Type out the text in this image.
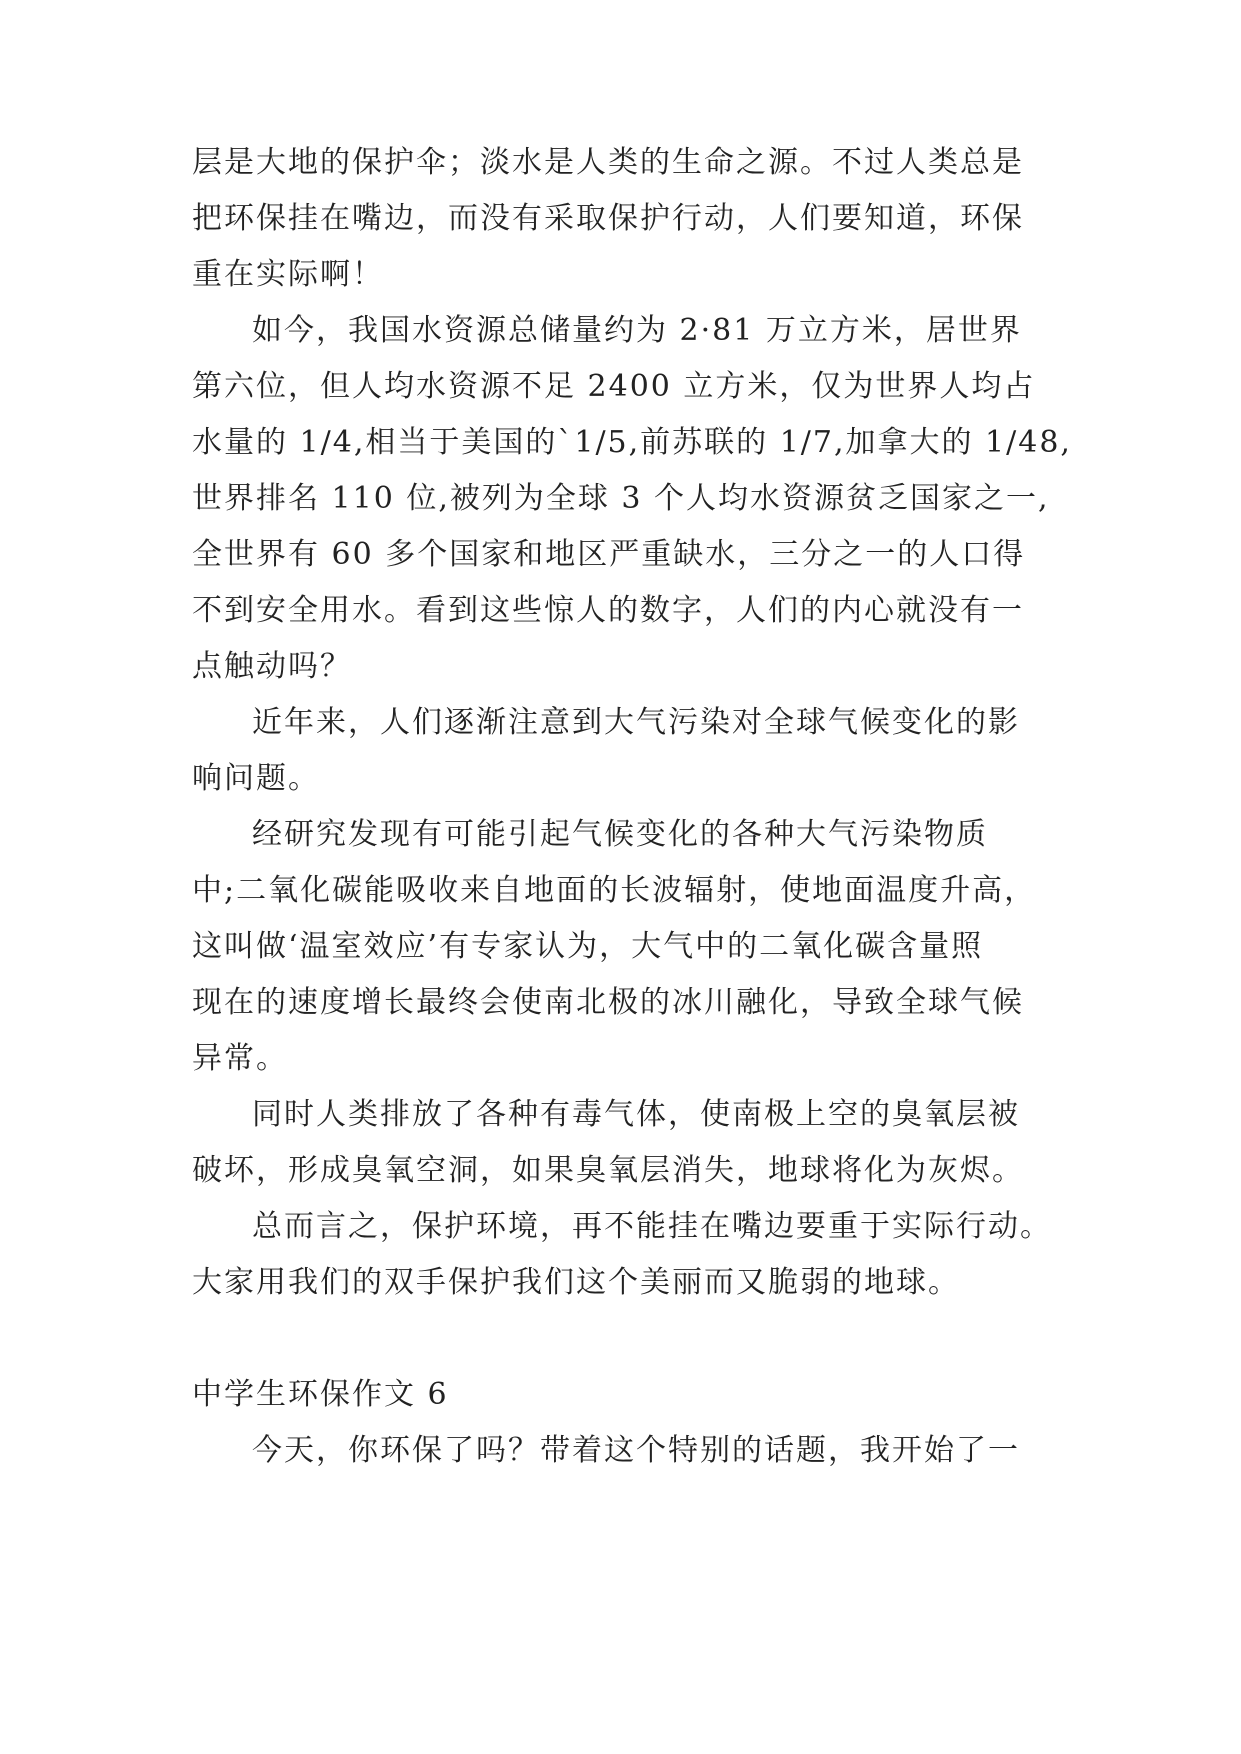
层是大地的保护伞；淡水是人类的生命之源。不过人类总是
把环保挂在嘴边，而没有采取保护行动，人们要知道，环保
重在实际啊！
如今，我国水资源总储量约为 2·81 万立方米，居世界
第六位，但人均水资源不足 2400 立方米，仅为世界人均占
水量的 1/4,相当于美国的`1/5,前苏联的 1/7,加拿大的 1/48,
世界排名 110 位,被列为全球 3 个人均水资源贫乏国家之一,
全世界有 60 多个国家和地区严重缺水，三分之一的人口得
不到安全用水。看到这些惊人的数字，人们的内心就没有一
点触动吗？
近年来，人们逐渐注意到大气污染对全球气候变化的影
响问题。
经研究发现有可能引起气候变化的各种大气污染物质
中;二氧化碳能吸收来自地面的长波辐射，使地面温度升高，
这叫做‘温室效应’有专家认为，大气中的二氧化碳含量照
现在的速度增长最终会使南北极的冰川融化，导致全球气候
异常。
同时人类排放了各种有毒气体，使南极上空的臭氧层被
破坏，形成臭氧空洞，如果臭氧层消失，地球将化为灰烬。
总而言之，保护环境，再不能挂在嘴边要重于实际行动。
大家用我们的双手保护我们这个美丽而又脆弱的地球。
中学生环保作文 6
今天，你环保了吗？带着这个特别的话题，我开始了一
